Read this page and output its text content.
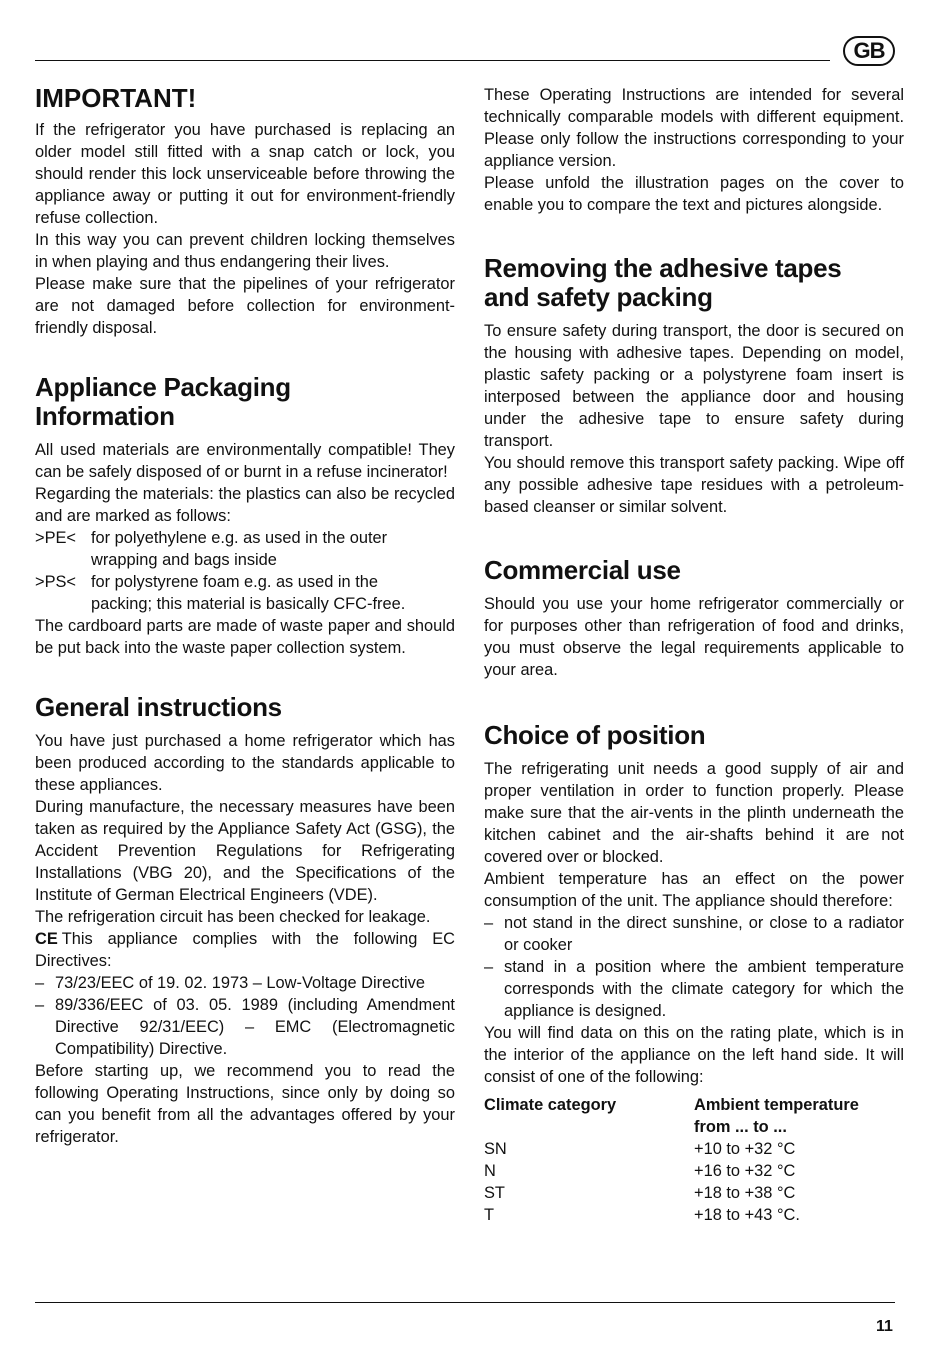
GB
IMPORTANT!

If the refrigerator you have purchased is replacing an older model still fitted with a snap catch or lock, you should render this lock unserviceable before throwing the appliance away or putting it out for environment-friendly refuse collection.

In this way you can prevent children locking themselves in when playing and thus endangering their lives.

Please make sure that the pipelines of your refrigerator are not damaged before collection for environment-friendly disposal.

Appliance Packaging
Information

All used materials are environmentally compatible! They can be safely disposed of or burnt in a refuse incinerator!

Regarding the materials: the plastics can also be recycled and are marked as follows:

>PE< for polyethylene e.g. as used in the outer
wrapping and bags inside
>PS< for polystyrene foam e.g. as used in the
packing; this material is basically CFC-free.

The cardboard parts are made of waste paper and should be put back into the waste paper collection system.

General instructions

You have just purchased a home refrigerator which has been produced according to the standards applicable to these appliances.

During manufacture, the necessary measures have been taken as required by the Appliance Safety Act (GSG), the Accident Prevention Regulations for Refrigerating Installations (VBG 20), and the Specifications of the Institute of German Electrical Engineers (VDE).

The refrigeration circuit has been checked for leakage.

CE This appliance complies with the following EC Directives:

– 73/23/EEC of 19. 02. 1973 – Low-Voltage Directive
– 89/336/EEC of 03. 05. 1989 (including Amendment Directive 92/31/EEC) – EMC (Electromagnetic Compatibility) Directive.

Before starting up, we recommend you to read the following Operating Instructions, since only by doing so can you benefit from all the advantages offered by your refrigerator.

These Operating Instructions are intended for several technically comparable models with different equipment. Please only follow the instructions corresponding to your appliance version.

Please unfold the illustration pages on the cover to enable you to compare the text and pictures alongside.

Removing the adhesive tapes
and safety packing

To ensure safety during transport, the door is secured on the housing with adhesive tapes. Depending on model, plastic safety packing or a polystyrene foam insert is interposed between the appliance door and housing under the adhesive tape to ensure safety during transport.

You should remove this transport safety packing. Wipe off any possible adhesive tape residues with a petroleum-based cleanser or similar solvent.

Commercial use

Should you use your home refrigerator commercially or for purposes other than refrigeration of food and drinks, you must observe the legal requirements applicable to your area.

Choice of position

The refrigerating unit needs a good supply of air and proper ventilation in order to function properly. Please make sure that the air-vents in the plinth underneath the kitchen cabinet and the air-shafts behind it are not covered over or blocked.

Ambient temperature has an effect on the power consumption of the unit. The appliance should therefore:

– not stand in the direct sunshine, or close to a radiator or cooker
– stand in a position where the ambient temperature corresponds with the climate category for which the appliance is designed.

You will find data on this on the rating plate, which is in the interior of the appliance on the left hand side. It will consist of one of the following:

Climate category	Ambient temperature
from ... to ...
SN	+10 to +32 °C
N	+16 to +32 °C
ST	+18 to +38 °C
T	+18 to +43 °C.
11
